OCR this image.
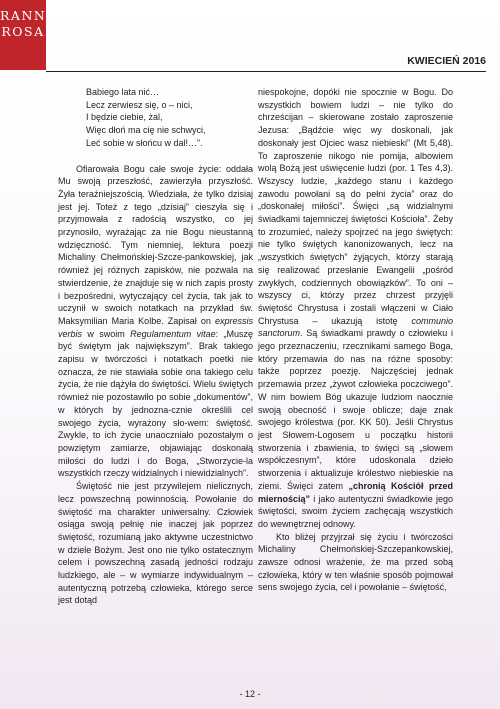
RANNA
ROSA
KWIECIEŃ 2016

Babiego lata nić…

Lecz zerwiesz się, o – nici,

I będzie ciebie, żal,

Więc dłoń ma cię nie schwyci,

Leć sobie w słońcu w dal!…”.

Ofiarowała Bogu całe swoje życie: oddała Mu swoją przeszłość, zawierzyła przyszłość. Żyła teraźniejszością. Wiedziała, że tylko dzisiaj jest jej. Toteż z tego „dzisiaj” cieszyła się i przyjmowała z radością wszystko, co jej przynosiło, wyrażając za nie Bogu nieustanną wdzięczność. Tym niemniej, lektura poezji Michaliny Chełmońskiej-Szcze-pankowskiej, jak również jej różnych zapisków, nie pozwala na stwierdzenie, że znajduje się w nich zapis prosty i bezpośredni, wytyczający cel życia, tak jak to uczynił w swoich notatkach na przykład św. Maksymilian Maria Kolbe. Zapisał on expressis verbis w swoim Regulamentum vitae: „Muszę być świętym jak największym”. Brak takiego zapisu w twórczości i notatkach poetki nie oznacza, że nie stawiała sobie ona takiego celu życia, że nie dążyła do świętości. Wielu świętych również nie pozostawiło po sobie „dokumentów”, w których by jednozna-cznie określili cel swojego życia, wyrażony sło-wem: świętość. Zwykle, to ich życie unaoczniało pozostałym o powziętym zamiarze, objawiając doskonałą miłości do ludzi i do Boga, „Stworzycie-la wszystkich rzeczy widzialnych i niewidzialnych”.

Świętość nie jest przywilejem nielicznych, lecz powszechną powinnością. Powołanie do świętość ma charakter uniwersalny. Człowiek osiąga swoją pełnię nie inaczej jak poprzez świętość, rozumianą jako aktywne uczestnictwo w dziele Bożym. Jest ono nie tylko ostatecznym celem i powszechną zasadą jedności rodzaju ludzkiego, ale – w wymiarze indywidualnym – autentyczną potrzebą człowieka, którego serce jest dotąd

niespokojne, dopóki nie spocznie w Bogu. Do wszystkich bowiem ludzi – nie tylko do chrześcijan – skierowane zostało zaproszenie Jezusa: „Bądźcie więc wy doskonali, jak doskonały jest Ojciec wasz niebieski” (Mt 5,48). To zaproszenie nikogo nie pomija, albowiem wolą Bożą jest uświęcenie ludzi (por. 1 Tes 4,3). Wszyscy ludzie, „każdego stanu i każdego zawodu powołani są do pełni życia” oraz do „doskonałej miłości”. Święci „są widzialnymi świadkami tajemniczej świętości Kościoła”. Żeby to zrozumieć, należy spojrzeć na jego świętych: nie tylko świętych kanonizowanych, lecz na „wszystkich świętych” żyjących, którzy starają się realizować przesłanie Ewangelii „pośród zwykłych, codziennych obowiązków”. To oni – wszyscy ci, którzy przez chrzest przyjęli świętość Chrystusa i zostali włączeni w Ciało Chrystusa – ukazują istotę communio sanctorum. Są świadkami prawdy o człowieku i jego przeznaczeniu, rzecznikami samego Boga, który przemawia do nas na różne sposoby: także poprzez poezję. Najczęściej jednak przemawia przez „żywot człowieka poczciwego”. W nim bowiem Bóg ukazuje ludziom naocznie swoją obecność i swoje oblicze; daje znak swojego królestwa (por. KK 50). Jeśli Chrystus jest Słowem-Logosem u początku historii stworzenia i zbawienia, to święci są „słowem współczesnym”, które udoskonala dzieło stworzenia i aktualizuje królestwo niebieskie na ziemi. Święci zatem „chronią Kościół przed miernością” i jako autentyczni świadkowie jego świętości, swoim życiem zachęcają wszystkich do wewnętrznej odnowy.

Kto bliżej przyjrzał się życiu i twórczości Michaliny Chełmońskiej-Szczepankowskiej, zawsze odnosi wrażenie, że ma przed sobą człowieka, który w ten właśnie sposób pojmował sens swojego życia, cel i powołanie – świętość,

- 12 -
